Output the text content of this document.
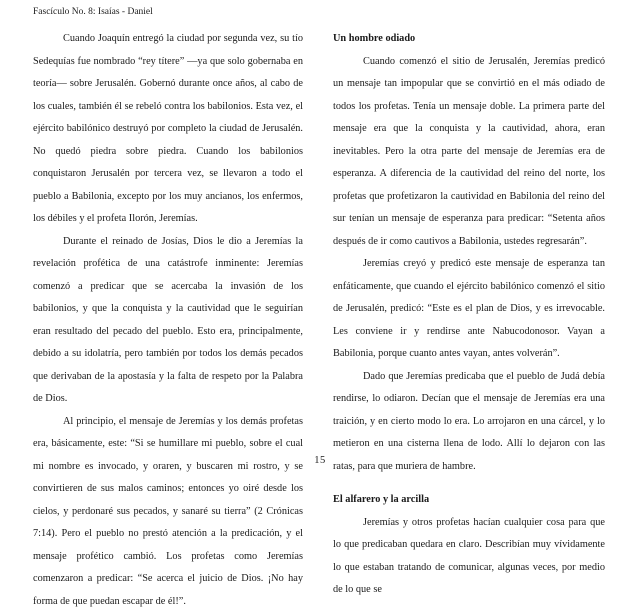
Fascículo No. 8: Isaías - Daniel

Cuando Joaquín entregó la ciudad por segunda vez, su tío Sedequías fue nombrado “rey títere” —ya que solo gobernaba en teoría— sobre Jerusalén. Gobernó durante once años, al cabo de los cuales, también él se rebeló contra los babilonios. Esta vez, el ejército babilónico destruyó por completo la ciudad de Jerusalén. No quedó piedra sobre piedra. Cuando los babilonios conquistaron Jerusalén por tercera vez, se llevaron a todo el pueblo a Babilonia, excepto por los muy ancianos, los enfermos, los débiles y el profeta Ilorón, Jeremías.

Durante el reinado de Josías, Dios le dio a Jeremías la revelación profética de una catástrofe inminente: Jeremías comenzó a predicar que se acercaba la invasión de los babilonios, y que la conquista y la cautividad que le seguirían eran resultado del pecado del pueblo. Esto era, principalmente, debido a su idolatría, pero también por todos los demás pecados que derivaban de la apostasía y la falta de respeto por la Palabra de Dios.

Al principio, el mensaje de Jeremías y los demás profetas era, básicamente, este: “Si se humillare mi pueblo, sobre el cual mi nombre es invocado, y oraren, y buscaren mi rostro, y se convirtieren de sus malos caminos; entonces yo oiré desde los cielos, y perdonaré sus pecados, y sanaré su tierra” (2 Crónicas 7:14). Pero el pueblo no prestó atención a la predicación, y el mensaje profético cambió. Los profetas como Jeremías comenzaron a predicar: “Se acerca el juicio de Dios. ¡No hay forma de que puedan escapar de él!”.

Un hombre odiado

Cuando comenzó el sitio de Jerusalén, Jeremías predicó un mensaje tan impopular que se convirtió en el más odiado de todos los profetas. Tenía un mensaje doble. La primera parte del mensaje era que la conquista y la cautividad, ahora, eran inevitables. Pero la otra parte del mensaje de Jeremías era de esperanza. A diferencia de la cautividad del reino del norte, los profetas que profetizaron la cautividad en Babilonia del reino del sur tenían un mensaje de esperanza para predicar: “Setenta años después de ir como cautivos a Babilonia, ustedes regresarán”.

Jeremías creyó y predicó este mensaje de esperanza tan enfáticamente, que cuando el ejército babilónico comenzó el sitio de Jerusalén, predicó: “Este es el plan de Dios, y es irrevocable. Les conviene ir y rendirse ante Nabucodonosor. Vayan a Babilonia, porque cuanto antes vayan, antes volverán”.

Dado que Jeremías predicaba que el pueblo de Judá debía rendirse, lo odiaron. Decían que el mensaje de Jeremías era una traición, y en cierto modo lo era. Lo arrojaron en una cárcel, y lo metieron en una cisterna llena de lodo. Allí lo dejaron con las ratas, para que muriera de hambre.

El alfarero y la arcilla

Jeremías y otros profetas hacían cualquier cosa para que lo que predicaban quedara en claro. Describían muy vívidamente lo que estaban tratando de comunicar, algunas veces, por medio de lo que se

15
